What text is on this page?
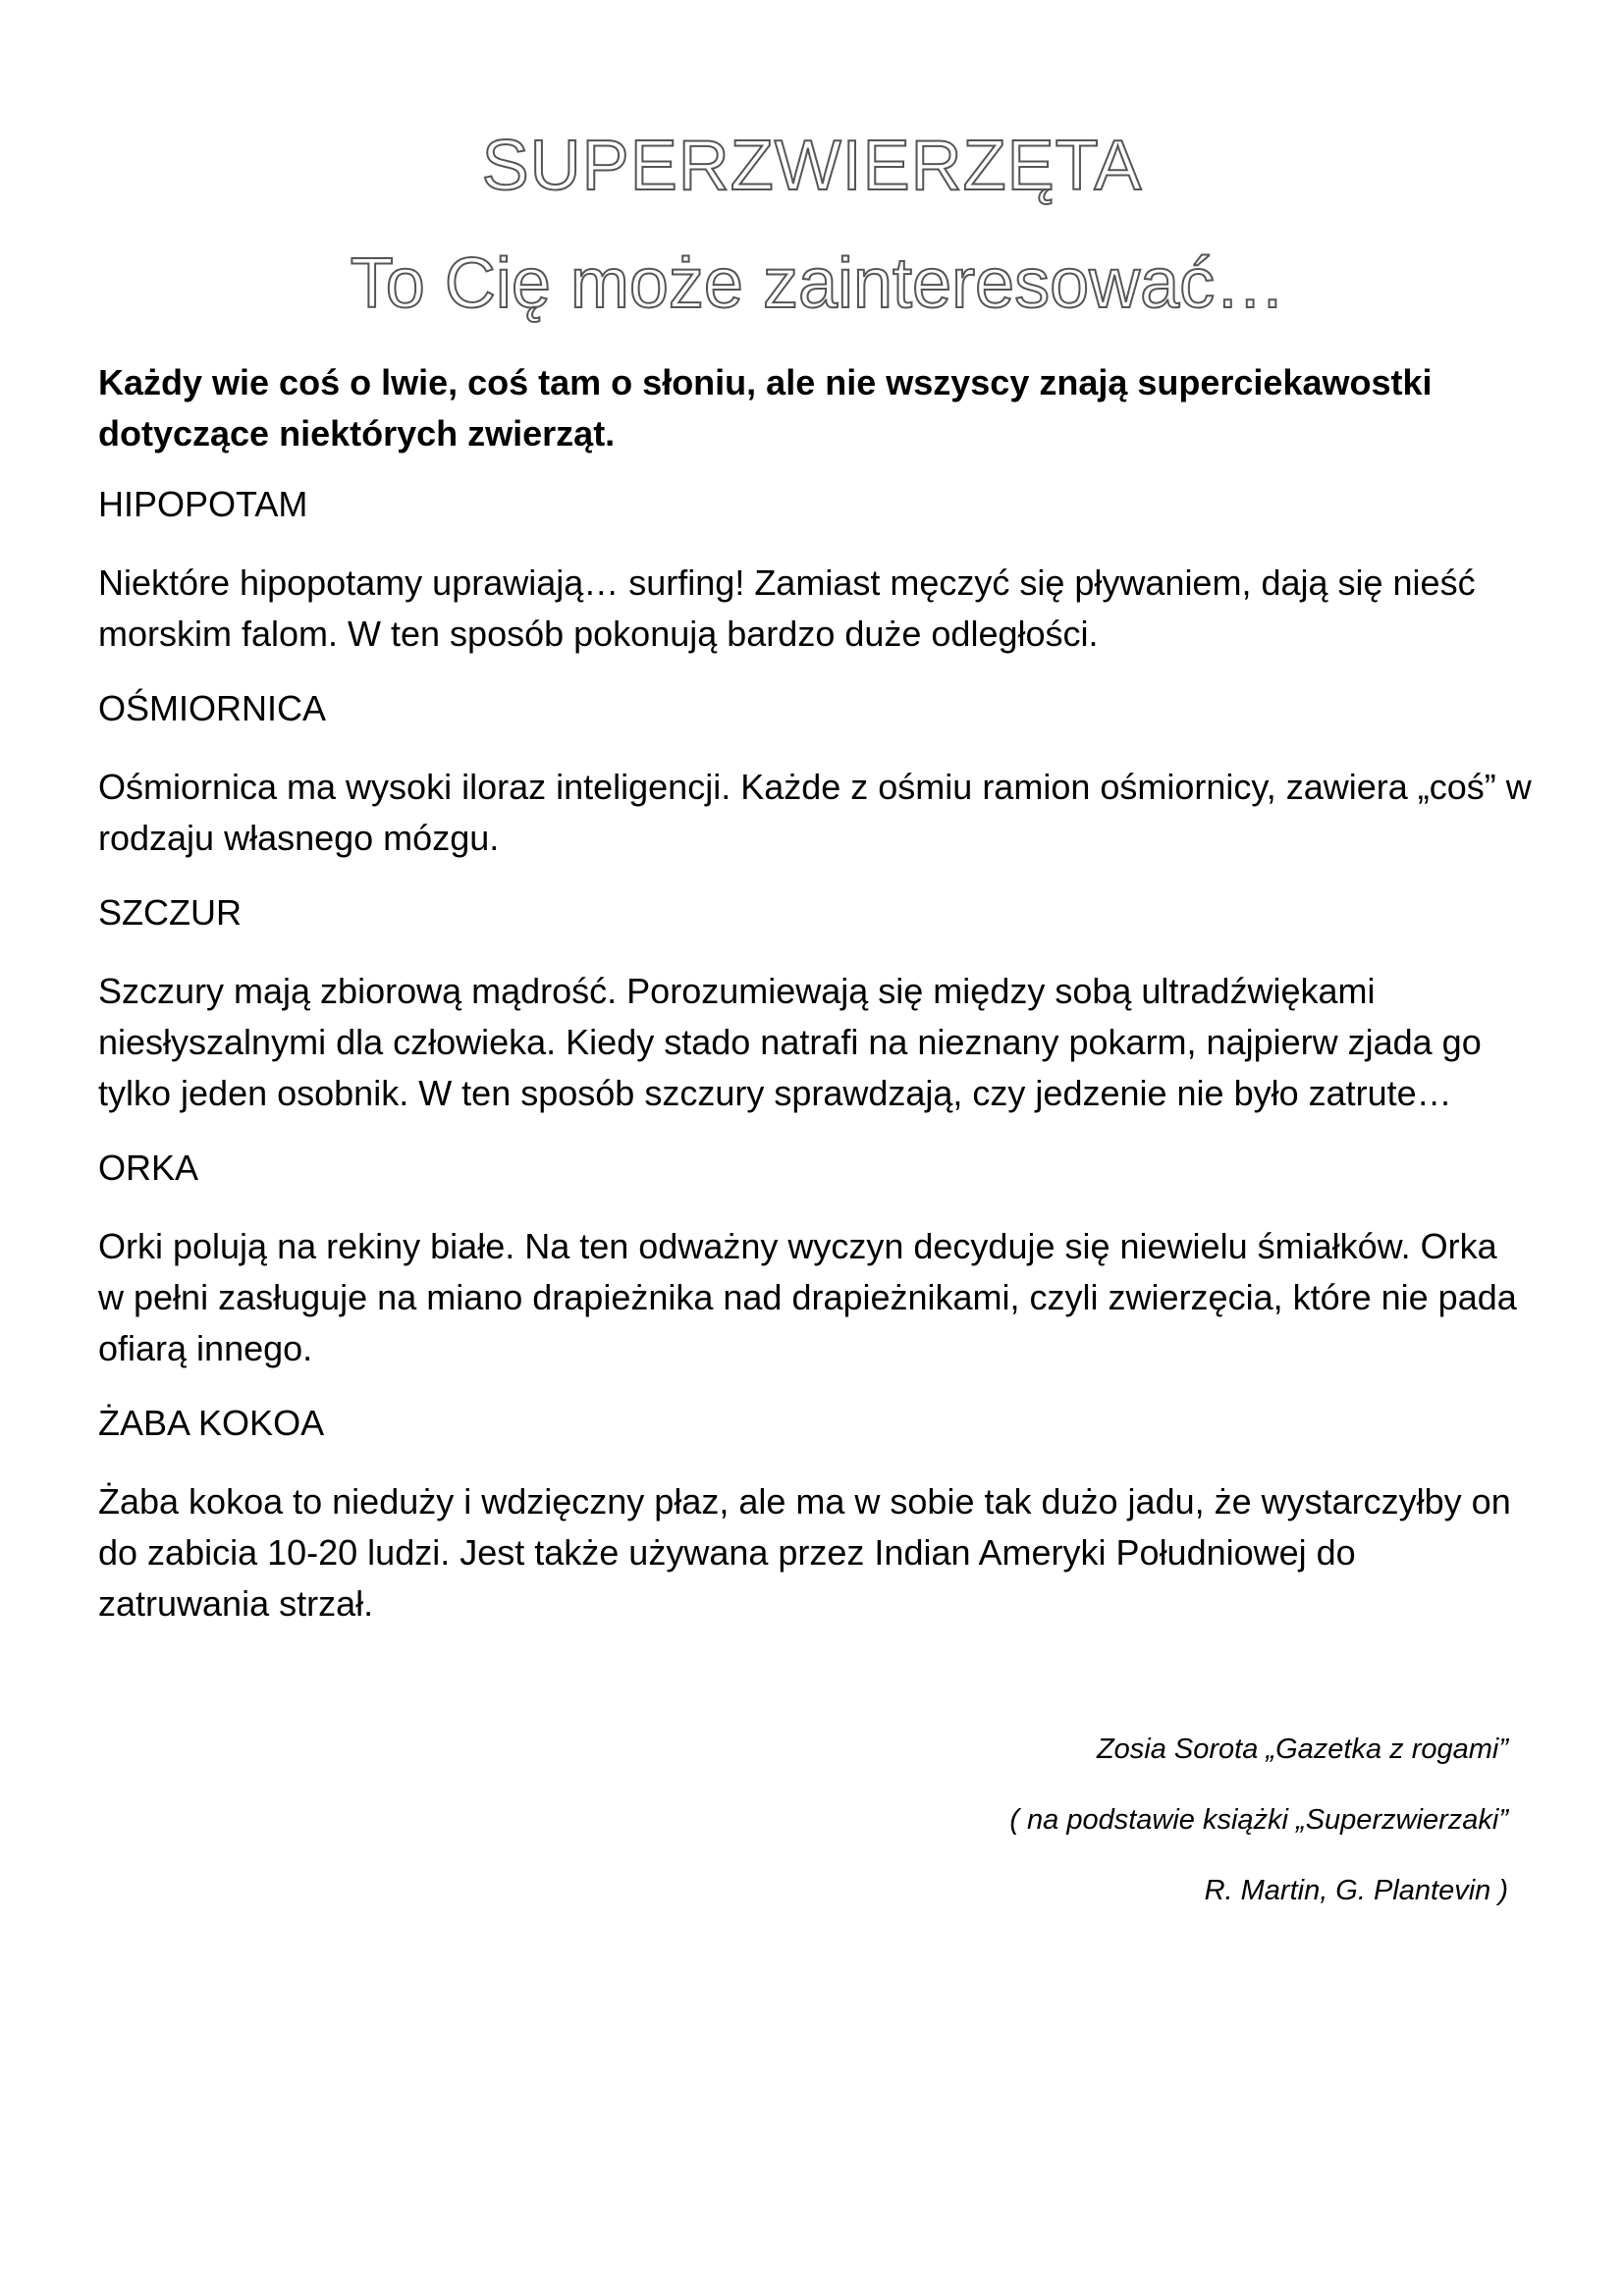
SUPERZWIERZĘTA
To Cię może zainteresować…

Każdy wie coś o lwie, coś tam o słoniu, ale nie wszyscy znają superciekawostki dotyczące niektórych zwierząt.

HIPOPOTAM

Niektóre hipopotamy uprawiają… surfing! Zamiast męczyć się pływaniem, dają się nieść morskim falom. W ten sposób pokonują bardzo duże odległości.

OŚMIORNICA

Ośmiornica ma wysoki iloraz inteligencji. Każde z ośmiu ramion ośmiornicy, zawiera „coś” w rodzaju własnego mózgu.

SZCZUR

Szczury mają zbiorową mądrość. Porozumiewają się między sobą ultradźwiękami niesłyszalnymi dla człowieka. Kiedy stado natrafi na nieznany pokarm, najpierw zjada go tylko jeden osobnik. W ten sposób szczury sprawdzają, czy jedzenie nie było zatrute…

ORKA

Orki polują na rekiny białe. Na ten odważny wyczyn decyduje się niewielu śmiałków. Orka w pełni zasługuje na miano drapieżnika nad drapieżnikami, czyli zwierzęcia, które nie pada ofiarą innego.

ŻABA KOKOA

Żaba kokoa to nieduży i wdzięczny płaz, ale ma w sobie tak dużo jadu, że wystarczyłby on do zabicia 10-20 ludzi. Jest także używana przez Indian Ameryki Południowej do zatruwania strzał.

Zosia Sorota „Gazetka z rogami”
( na podstawie książki „Superzwierzaki”
R. Martin, G. Plantevin )
